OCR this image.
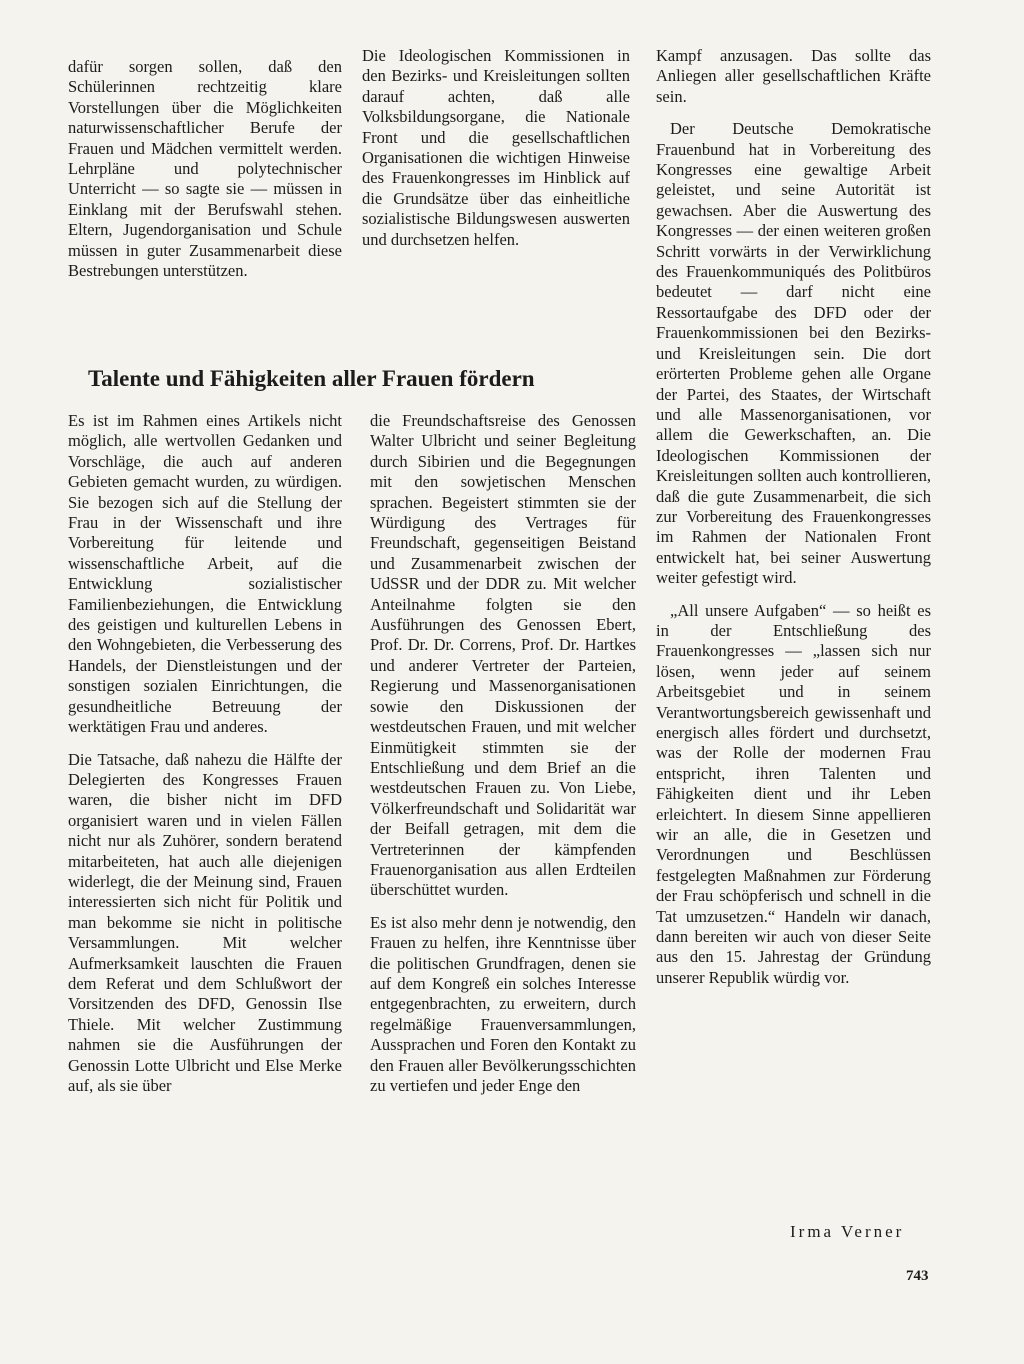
dafür sorgen sollen, daß den Schülerinnen rechtzeitig klare Vorstellungen über die Möglichkeiten naturwissenschaftlicher Berufe der Frauen und Mädchen vermittelt werden. Lehrpläne und polytechnischer Unterricht — so sagte sie — müssen in Einklang mit der Berufswahl stehen. Eltern, Jugendorganisation und Schule müssen in guter Zusammenarbeit diese Bestrebungen unterstützen.

Die Ideologischen Kommissionen in den Bezirks- und Kreisleitungen sollten darauf achten, daß alle Volksbildungsorgane, die Nationale Front und die gesellschaftlichen Organisationen die wichtigen Hinweise des Frauenkongresses im Hinblick auf die Grundsätze über das einheitliche sozialistische Bildungswesen auswerten und durchsetzen helfen.

Kampf anzusagen. Das sollte das Anliegen aller gesellschaftlichen Kräfte sein.

Der Deutsche Demokratische Frauenbund hat in Vorbereitung des Kongresses eine gewaltige Arbeit geleistet, und seine Autorität ist gewachsen. Aber die Auswertung des Kongresses — der einen weiteren großen Schritt vorwärts in der Verwirklichung des Frauenkommuniqués des Politbüros bedeutet — darf nicht eine Ressortaufgabe des DFD oder der Frauenkommissionen bei den Bezirks- und Kreisleitungen sein. Die dort erörterten Probleme gehen alle Organe der Partei, des Staates, der Wirtschaft und alle Massenorganisationen, vor allem die Gewerkschaften, an. Die Ideologischen Kommissionen der Kreisleitungen sollten auch kontrollieren, daß die gute Zusammenarbeit, die sich zur Vorbereitung des Frauenkongresses im Rahmen der Nationalen Front entwickelt hat, bei seiner Auswertung weiter gefestigt wird.

„All unsere Aufgaben“ — so heißt es in der Entschließung des Frauenkongresses — „lassen sich nur lösen, wenn jeder auf seinem Arbeitsgebiet und in seinem Verantwortungsbereich gewissenhaft und energisch alles fördert und durchsetzt, was der Rolle der modernen Frau entspricht, ihren Talenten und Fähigkeiten dient und ihr Leben erleichtert. In diesem Sinne appellieren wir an alle, die in Gesetzen und Verordnungen und Beschlüssen festgelegten Maßnahmen zur Förderung der Frau schöpferisch und schnell in die Tat umzusetzen.“ Handeln wir danach, dann bereiten wir auch von dieser Seite aus den 15. Jahrestag der Gründung unserer Republik würdig vor.

Talente und Fähigkeiten aller Frauen fördern

Es ist im Rahmen eines Artikels nicht möglich, alle wertvollen Gedanken und Vorschläge, die auch auf anderen Gebieten gemacht wurden, zu würdigen. Sie bezogen sich auf die Stellung der Frau in der Wissenschaft und ihre Vorbereitung für leitende und wissenschaftliche Arbeit, auf die Entwicklung sozialistischer Familienbeziehungen, die Entwicklung des geistigen und kulturellen Lebens in den Wohngebieten, die Verbesserung des Handels, der Dienstleistungen und der sonstigen sozialen Einrichtungen, die gesundheitliche Betreuung der werktätigen Frau und anderes.

Die Tatsache, daß nahezu die Hälfte der Delegierten des Kongresses Frauen waren, die bisher nicht im DFD organisiert waren und in vielen Fällen nicht nur als Zuhörer, sondern beratend mitarbeiteten, hat auch alle diejenigen widerlegt, die der Meinung sind, Frauen interessierten sich nicht für Politik und man bekomme sie nicht in politische Versammlungen. Mit welcher Aufmerksamkeit lauschten die Frauen dem Referat und dem Schlußwort der Vorsitzenden des DFD, Genossin Ilse Thiele. Mit welcher Zustimmung nahmen sie die Ausführungen der Genossin Lotte Ulbricht und Else Merke auf, als sie über

die Freundschaftsreise des Genossen Walter Ulbricht und seiner Begleitung durch Sibirien und die Begegnungen mit den sowjetischen Menschen sprachen. Begeistert stimmten sie der Würdigung des Vertrages für Freundschaft, gegenseitigen Beistand und Zusammenarbeit zwischen der UdSSR und der DDR zu. Mit welcher Anteilnahme folgten sie den Ausführungen des Genossen Ebert, Prof. Dr. Dr. Correns, Prof. Dr. Hartkes und anderer Vertreter der Parteien, Regierung und Massenorganisationen sowie den Diskussionen der westdeutschen Frauen, und mit welcher Einmütigkeit stimmten sie der Entschließung und dem Brief an die westdeutschen Frauen zu. Von Liebe, Völkerfreundschaft und Solidarität war der Beifall getragen, mit dem die Vertreterinnen der kämpfenden Frauenorganisation aus allen Erdteilen überschüttet wurden.

Es ist also mehr denn je notwendig, den Frauen zu helfen, ihre Kenntnisse über die politischen Grundfragen, denen sie auf dem Kongreß ein solches Interesse entgegenbrachten, zu erweitern, durch regelmäßige Frauenversammlungen, Aussprachen und Foren den Kontakt zu den Frauen aller Bevölkerungsschichten zu vertiefen und jeder Enge den

Irma Verner

743
